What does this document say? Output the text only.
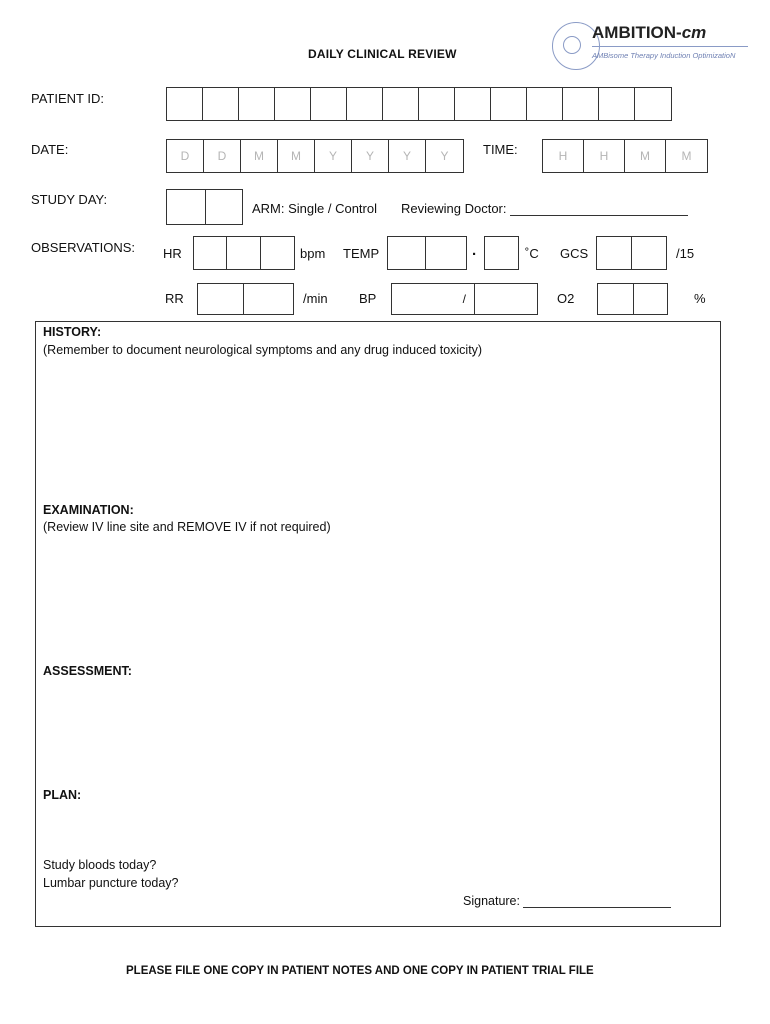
DAILY CLINICAL REVIEW
AMBITION-cm
AMBisome Therapy Induction OptimizatioN
PATIENT ID:
DATE:	D	D	M	M	Y	Y	Y	Y	TIME:	H	H	M	M
STUDY DAY:
ARM: Single / Control Reviewing Doctor:
OBSERVATIONS: HR	bpm TEMP	.	˚C GCS	/15
RR	/min BP	/	O2	%
HISTORY:
(Remember to document neurological symptoms and any drug induced toxicity)
EXAMINATION:
(Review IV line site and REMOVE IV if not required)
ASSESSMENT:
PLAN:
Study bloods today?
Lumbar puncture today?
Signature:
PLEASE FILE ONE COPY IN PATIENT NOTES AND ONE COPY IN PATIENT TRIAL FILE
